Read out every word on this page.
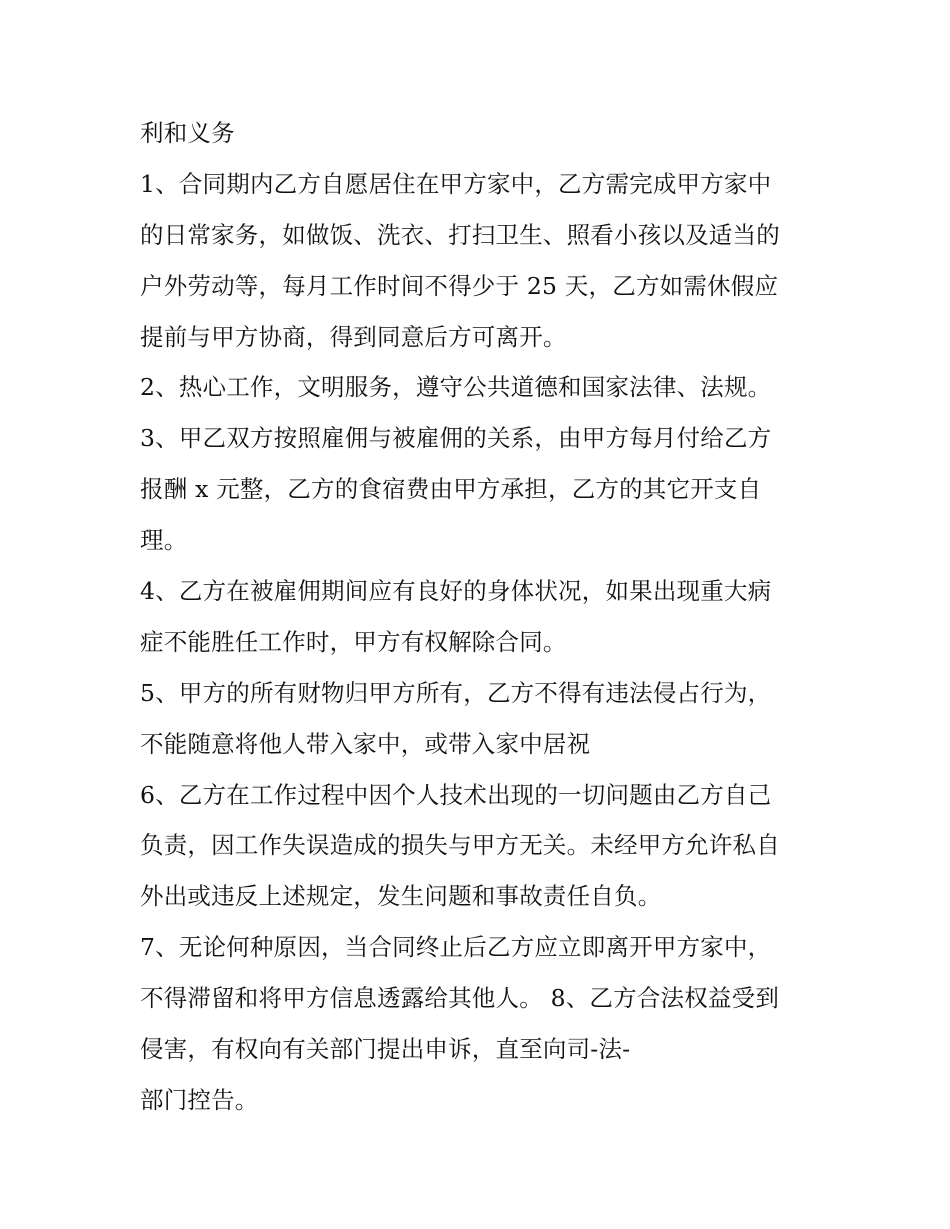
利和义务
1、合同期内乙方自愿居住在甲方家中，乙方需完成甲方家中
的日常家务，如做饭、洗衣、打扫卫生、照看小孩以及适当的
户外劳动等，每月工作时间不得少于 25 天，乙方如需休假应
提前与甲方协商，得到同意后方可离开。
2、热心工作，文明服务，遵守公共道德和国家法律、法规。
3、甲乙双方按照雇佣与被雇佣的关系，由甲方每月付给乙方
报酬 x 元整，乙方的食宿费由甲方承担，乙方的其它开支自
理。
4、乙方在被雇佣期间应有良好的身体状况，如果出现重大病
症不能胜任工作时，甲方有权解除合同。
5、甲方的所有财物归甲方所有，乙方不得有违法侵占行为，
不能随意将他人带入家中，或带入家中居祝
6、乙方在工作过程中因个人技术出现的一切问题由乙方自己
负责，因工作失误造成的损失与甲方无关。未经甲方允许私自
外出或违反上述规定，发生问题和事故责任自负。
7、无论何种原因，当合同终止后乙方应立即离开甲方家中，
不得滞留和将甲方信息透露给其他人。 8、乙方合法权益受到
侵害，有权向有关部门提出申诉，直至向司-法-
部门控告。
